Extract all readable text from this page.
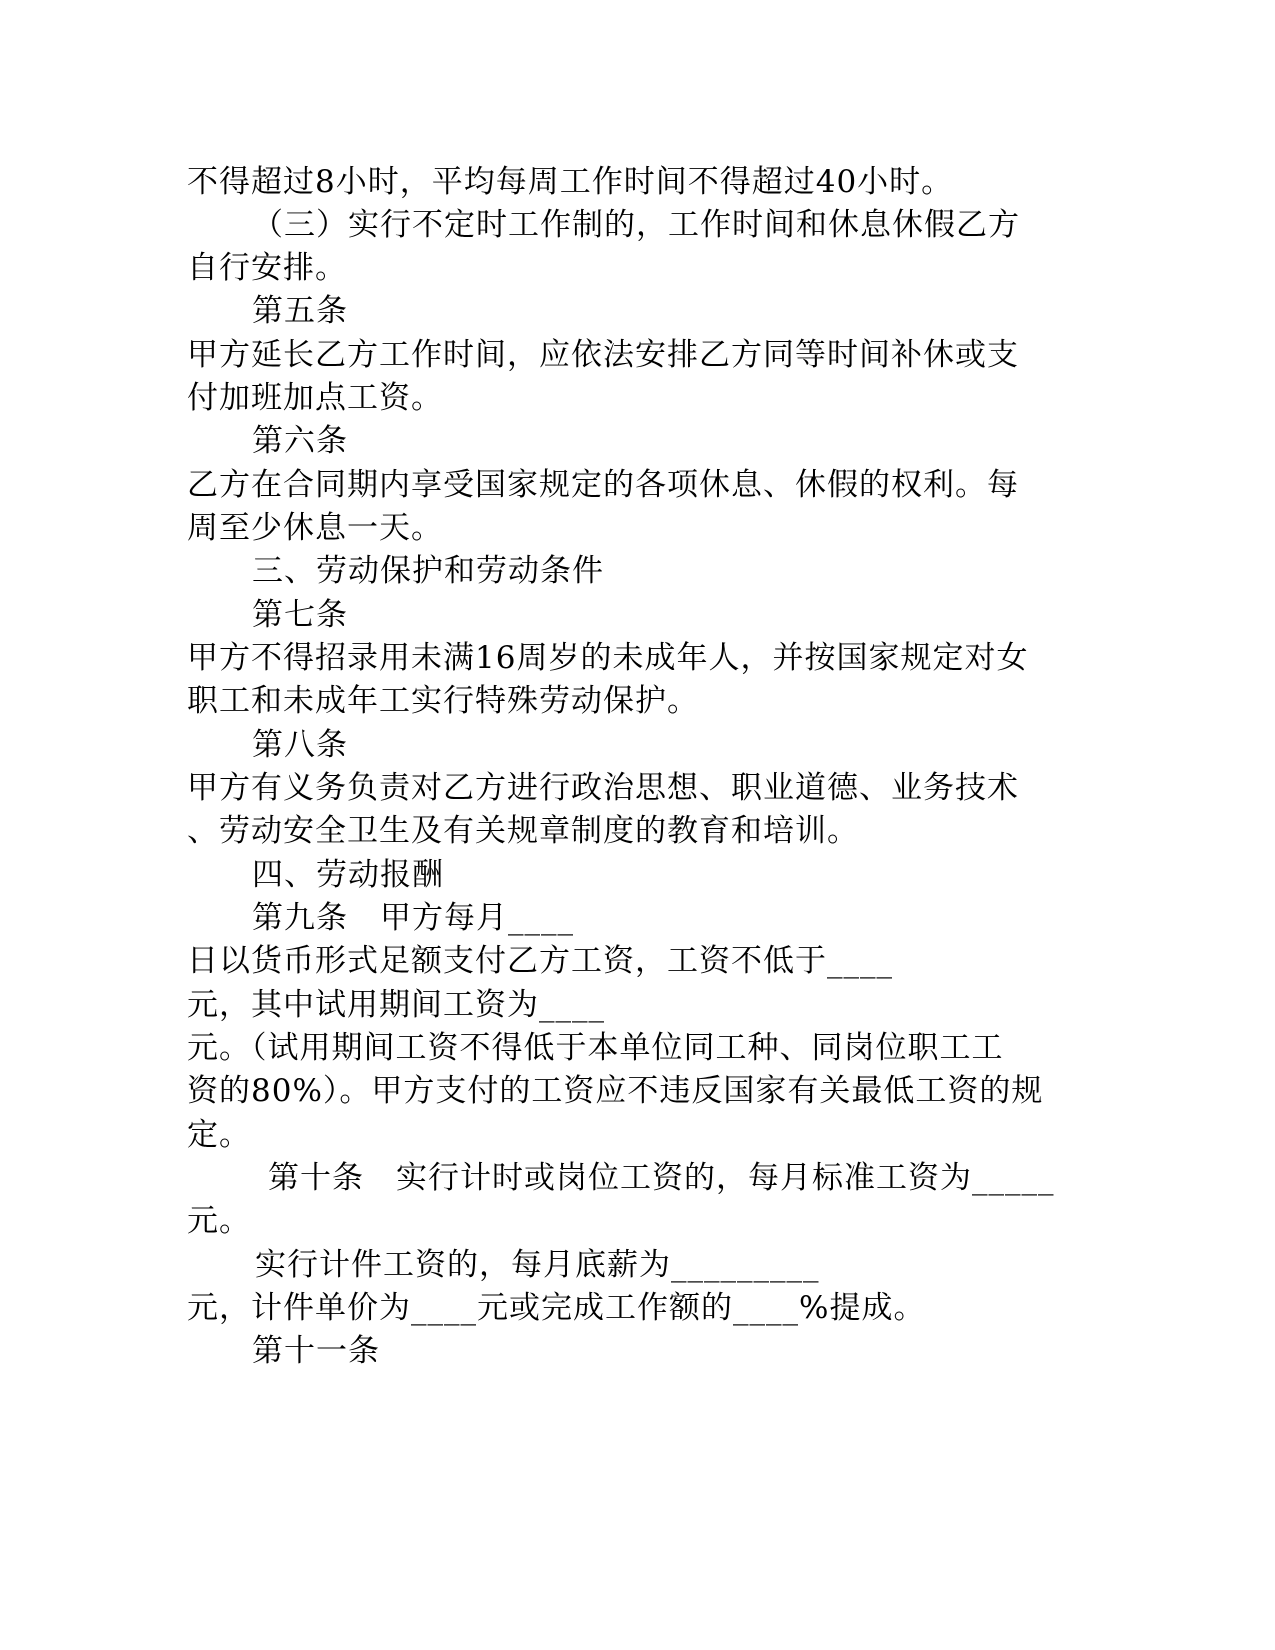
不得超过8小时，平均每周工作时间不得超过40小时。
（三）实行不定时工作制的，工作时间和休息休假乙方
自行安排。
第五条
甲方延长乙方工作时间，应依法安排乙方同等时间补休或支
付加班加点工资。
第六条
乙方在合同期内享受国家规定的各项休息、休假的权利。每
周至少休息一天。
三、劳动保护和劳动条件
第七条
甲方不得招录用未满16周岁的未成年人，并按国家规定对女
职工和未成年工实行特殊劳动保护。
第八条
甲方有义务负责对乙方进行政治思想、职业道德、业务技术
、劳动安全卫生及有关规章制度的教育和培训。
四、劳动报酬
第九条　甲方每月____
日以货币形式足额支付乙方工资，工资不低于____
元，其中试用期间工资为____
元。（试用期间工资不得低于本单位同工种、同岗位职工工
资的80%）。甲方支付的工资应不违反国家有关最低工资的规
定。
第十条　实行计时或岗位工资的，每月标准工资为_____
元。
实行计件工资的，每月底薪为_________
元，计件单价为____元或完成工作额的____%提成。
第十一条
